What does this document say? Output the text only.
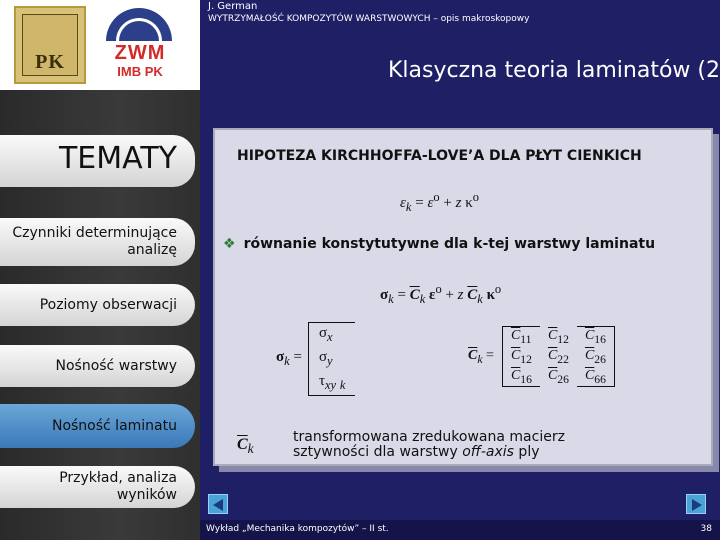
PK	ZWM
IMB PK
TEMATY
Czynniki determinujące analizę
Poziomy obserwacji
Nośność warstwy
Nośność laminatu
Przykład, analiza wyników
J. German
WYTRZYMAŁOŚĆ KOMPOZYTÓW WARSTWOWYCH – opis makroskopowy
Klasyczna teoria laminatów (2
HIPOTEZA KIRCHHOFFA-LOVE’A DLA PŁYT CIENKICH
$\varepsilon_k = \varepsilon^o + z$ $\kappa^o$
❖ równanie konstytutywne dla k-tej warstwy laminatu
$\sigma_k = \overline{C}_k$ $\varepsilon^o + z$ $\overline{C}_k$ $\kappa^o$
$\sigma_k$ =	$\sigma_x$
$\sigma_y$
$\tau_{xy}$ $_k$
$\overline{C}_k$ =	$\overline{C}_{11}$	$\overline{C}_{12}$	$\overline{C}_{16}$
	$\overline{C}_{12}$	$\overline{C}_{22}$	$\overline{C}_{26}$
	$\overline{C}_{16}$	$\overline{C}_{26}$	$\overline{C}_{66}$
$\overline{C}_k$
transformowana zredukowana macierz
sztywności dla warstwy off-axis ply
Wykład „Mechanika kompozytów” – II st.	38
